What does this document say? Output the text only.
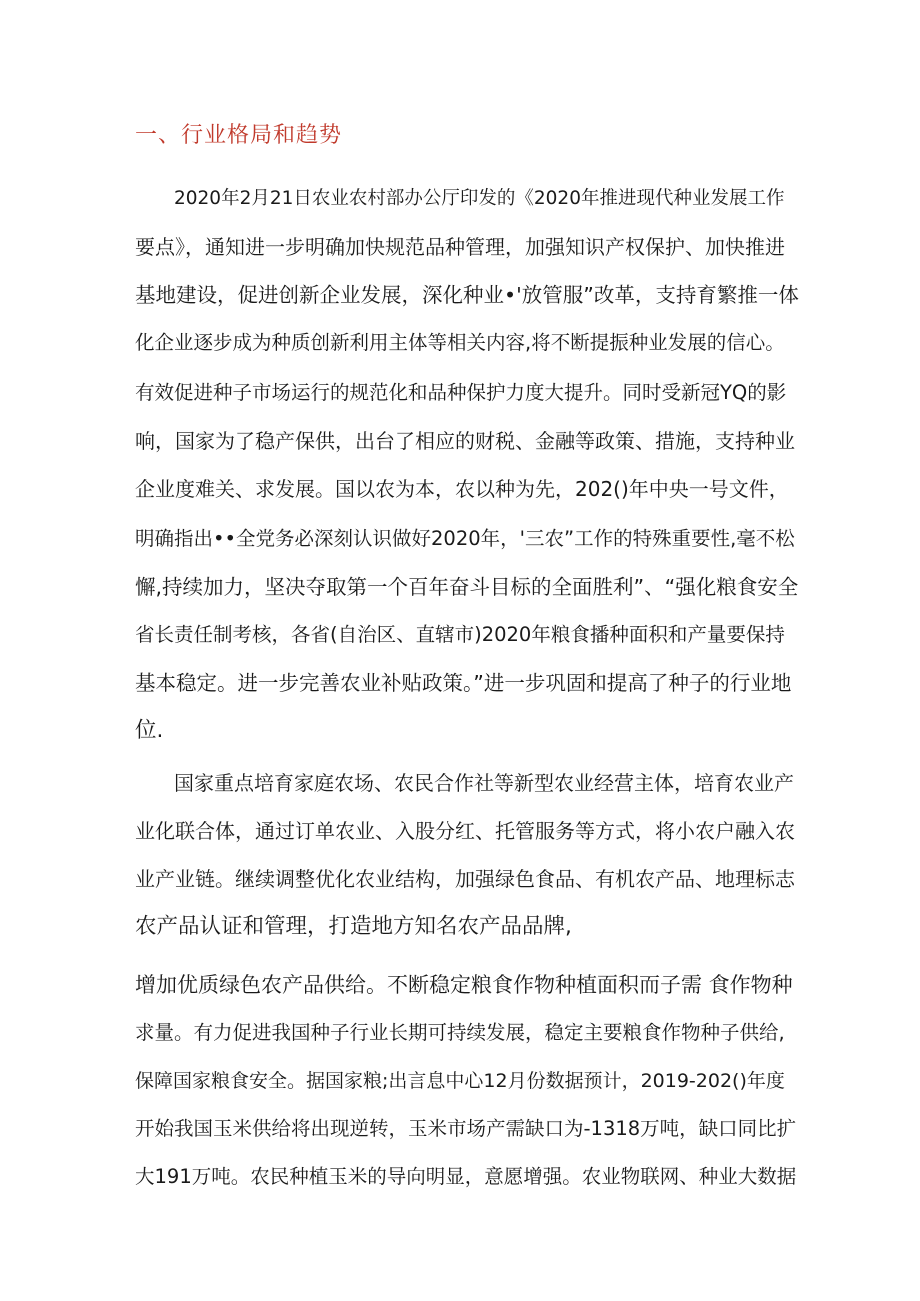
一、行业格局和趋势

2020年2月21日农业农村部办公厅印发的《2020年推进现代种业发展工作

要点》，通知进一步明确加快规范品种管理，加强知识产权保护、加快推进

基地建设，促进创新企业发展，深化种业•'放管服”改革，支持育繁推一体

化企业逐步成为种质创新利用主体等相关内容,将不断提振种业发展的信心。

有效促进种子市场运行的规范化和品种保护力度大提升。同时受新冠YQ的影

响，国家为了稳产保供，出台了相应的财税、金融等政策、措施，支持种业

企业度难关、求发展。国以农为本，农以种为先，202()年中央一号文件，

明确指出••全党务必深刻认识做好2020年，'三农”工作的特殊重要性,毫不松

懈,持续加力，坚决夺取第一个百年奋斗目标的全面胜利”、“强化粮食安全

省长责任制考核，各省(自治区、直辖市)2020年粮食播种面积和产量要保持

基本稳定。进一步完善农业补贴政策。”进一步巩固和提高了种子的行业地

位.

国家重点培育家庭农场、农民合作社等新型农业经营主体，培育农业产

业化联合体，通过订单农业、入股分红、托管服务等方式，将小农户融入农

业产业链。继续调整优化农业结构，加强绿色食品、有机农产品、地理标志

农产品认证和管理，打造地方知名农产品品牌,

增加优质绿色农产品供给。不断稳定粮食作物种植面积而子需 食作物种

求量。有力促进我国种子行业长期可持续发展，稳定主要粮食作物种子供给,

保障国家粮食安全。据国家粮;出言息中心12月份数据预计，2019-202()年度

开始我国玉米供给将出现逆转，玉米市场产需缺口为-1318万吨，缺口同比扩

大191万吨。农民种植玉米的导向明显，意愿增强。农业物联网、种业大数据
